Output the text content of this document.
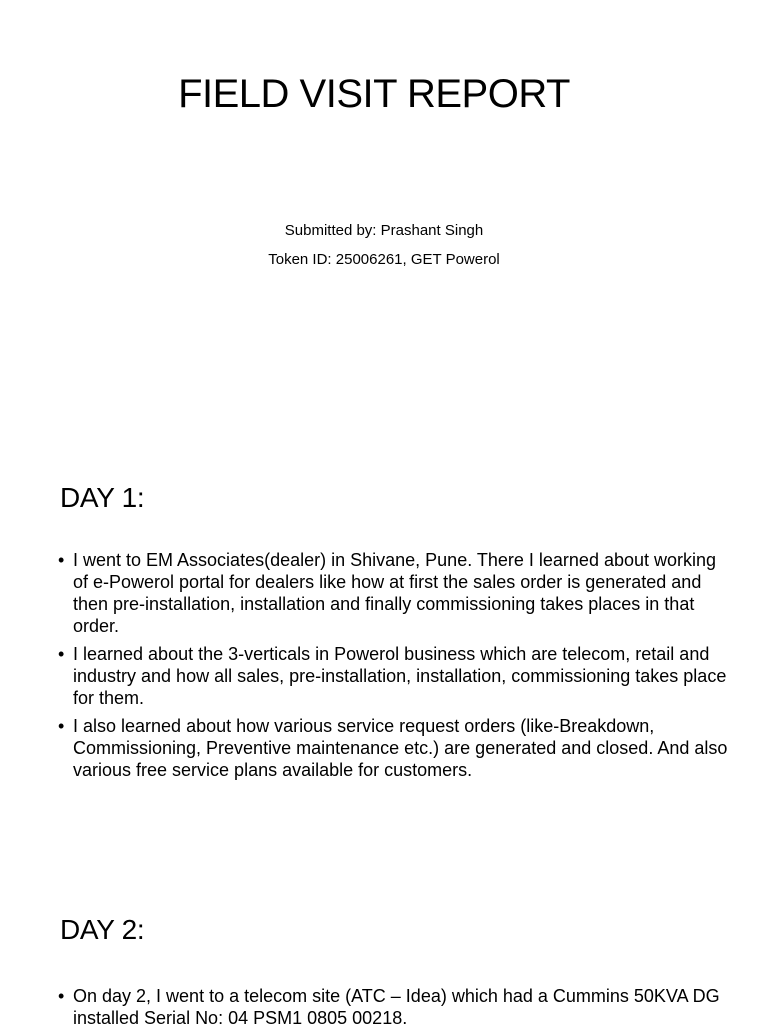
FIELD VISIT REPORT

Submitted by: Prashant Singh

Token ID: 25006261, GET Powerol

DAY 1:
• I went to EM Associates(dealer) in Shivane, Pune. There I learned about working of e-Powerol portal for dealers like how at first the sales order is generated and then pre-installation, installation and finally commissioning takes places in that order.
• I learned about the 3-verticals in Powerol business which are telecom, retail and industry and how all sales, pre-installation, installation, commissioning takes place for them.
• I also learned about how various service request orders (like-Breakdown, Commissioning, Preventive maintenance etc.) are generated and closed. And also various free service plans available for customers.
DAY 2:
• On day 2, I went to a telecom site (ATC – Idea) which had a Cummins 50KVA DG installed Serial No: 04 PSM1 0805 00218.
